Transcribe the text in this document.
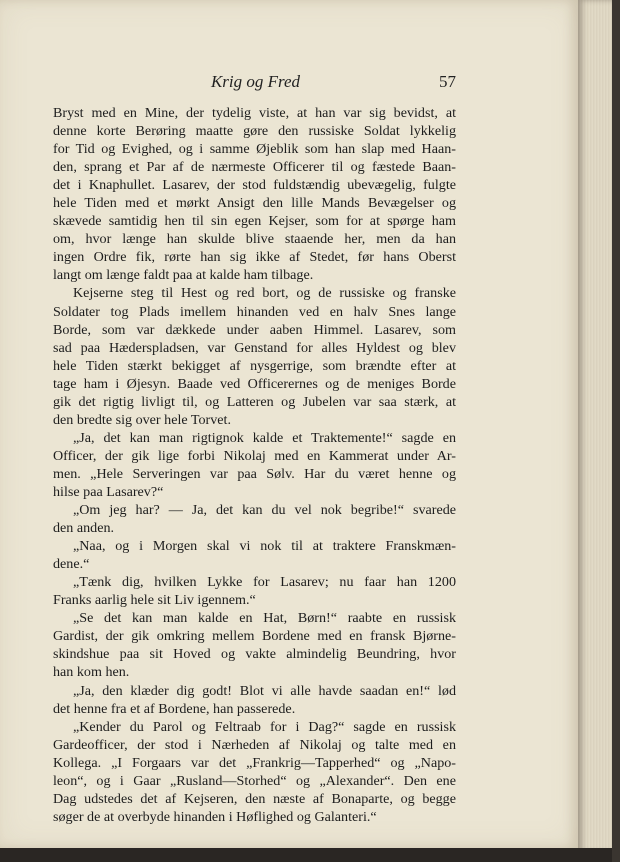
Krig og Fred	57
Bryst med en Mine, der tydelig viste, at han var sig bevidst, at
denne korte Berøring maatte gøre den russiske Soldat lykkelig
for Tid og Evighed, og i samme Øjeblik som han slap med Haan-
den, sprang et Par af de nærmeste Officerer til og fæstede Baan-
det i Knaphullet. Lasarev, der stod fuldstændig ubevægelig, fulgte
hele Tiden med et mørkt Ansigt den lille Mands Bevægelser og
skævede samtidig hen til sin egen Kejser, som for at spørge ham
om, hvor længe han skulde blive staaende her, men da han
ingen Ordre fik, rørte han sig ikke af Stedet, før hans Oberst
langt om længe faldt paa at kalde ham tilbage.
Kejserne steg til Hest og red bort, og de russiske og franske
Soldater tog Plads imellem hinanden ved en halv Snes lange
Borde, som var dækkede under aaben Himmel. Lasarev, som
sad paa Hæderspladsen, var Genstand for alles Hyldest og blev
hele Tiden stærkt bekigget af nysgerrige, som brændte efter at
tage ham i Øjesyn. Baade ved Officerernes og de meniges Borde
gik det rigtig livligt til, og Latteren og Jubelen var saa stærk, at
den bredte sig over hele Torvet.
„Ja, det kan man rigtignok kalde et Traktemente!“ sagde en
Officer, der gik lige forbi Nikolaj med en Kammerat under Ar-
men. „Hele Serveringen var paa Sølv. Har du været henne og
hilse paa Lasarev?“
„Om jeg har? — Ja, det kan du vel nok begribe!“ svarede
den anden.
„Naa, og i Morgen skal vi nok til at traktere Franskmæn-
dene.“
„Tænk dig, hvilken Lykke for Lasarev; nu faar han 1200
Franks aarlig hele sit Liv igennem.“
„Se det kan man kalde en Hat, Børn!“ raabte en russisk
Gardist, der gik omkring mellem Bordene med en fransk Bjørne-
skindshue paa sit Hoved og vakte almindelig Beundring, hvor
han kom hen.
„Ja, den klæder dig godt! Blot vi alle havde saadan en!“ lød
det henne fra et af Bordene, han passerede.
„Kender du Parol og Feltraab for i Dag?“ sagde en russisk
Gardeofficer, der stod i Nærheden af Nikolaj og talte med en
Kollega. „I Forgaars var det „Frankrig—Tapperhed“ og „Napo-
leon“, og i Gaar „Rusland—Storhed“ og „Alexander“. Den ene
Dag udstedes det af Kejseren, den næste af Bonaparte, og begge
søger de at overbyde hinanden i Høflighed og Galanteri.“
